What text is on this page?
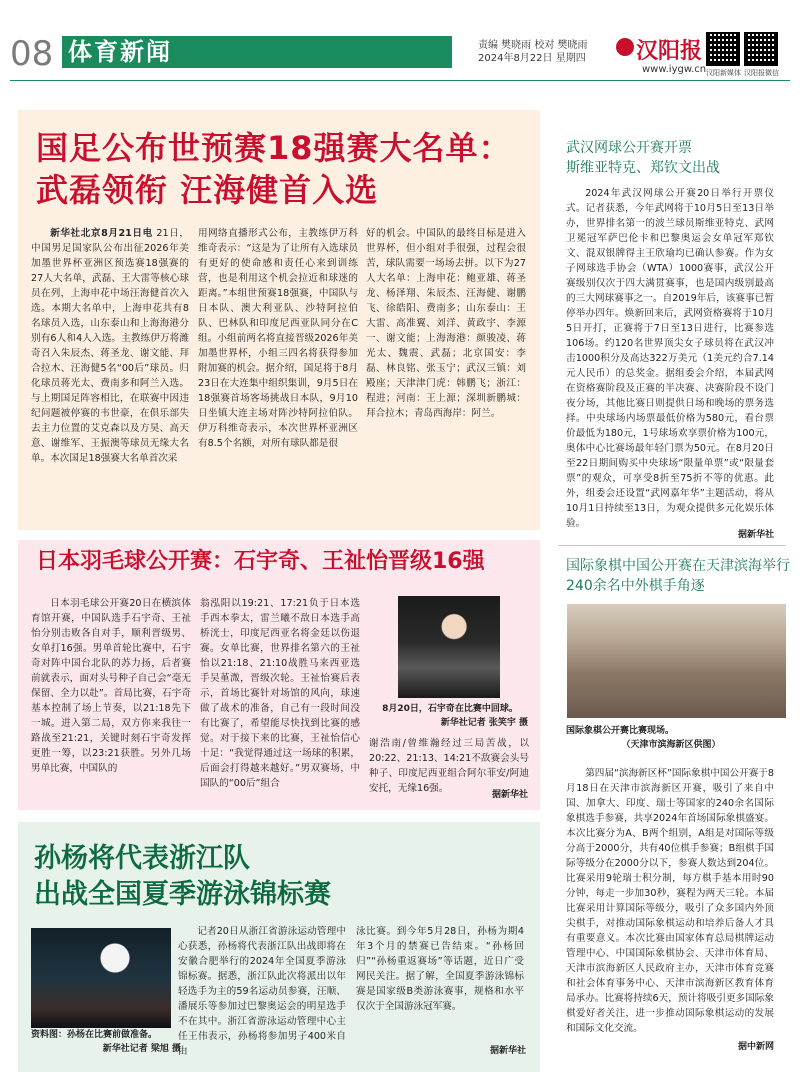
08 体育新闻	责编 樊晓雨 校对 樊晓雨
2024年8月22日 星期四 汉阳报
www.iygw.cn 汉阳新媒体 汉阳报微信
国足公布世预赛18强赛大名单：
武磊领衔 汪海健首入选

新华社北京8月21日电 21日，中国男足国家队公布出征2026年美加墨世界杯亚洲区预选赛18强赛的27人大名单，武磊、王大雷等核心球员在列，上海申花中场汪海健首次入选。本期大名单中，上海申花共有8名球员入选，山东泰山和上海海港分别有6人和4人入选。主教练伊万将潍奇召入朱辰杰、蒋圣龙、谢文能、拜合拉木、汪海健5名“00后”球员。归化球员蒋光太、费南多和阿兰入选。与上期国足阵容相比，在联赛中因违纪问题被停赛的韦世豪，在俱乐部失去主力位置的艾克森以及方昊、高天意、谢维军、王振澳等球员无缘大名单。本次国足18强赛大名单首次采

用网络直播形式公布，主教练伊万科维奇表示：“这是为了让所有入选球员有更好的使命感和责任心来到训练营，也是利用这个机会拉近和球迷的距离。”本组世预赛18强赛，中国队与日本队、澳大利亚队、沙特阿拉伯队、巴林队和印度尼西亚队同分在C组。小组前两名将直接晋级2026年美加墨世界杯，小组三四名将获得参加附加赛的机会。据介绍，国足将于8月23日在大连集中组织集训，9月5日在18强赛首场客场挑战日本队，9月10日坐镇大连主场对阵沙特阿拉伯队。伊万科维奇表示，本次世界杯亚洲区有8.5个名额，对所有球队都是很

好的机会。中国队的最终目标是进入世界杯，但小组对手很强，过程会很苦，球队需要一场场去拼。以下为27人大名单：上海申花：鲍亚雄、蒋圣龙、杨泽翔、朱辰杰、汪海健、谢鹏飞、徐皓阳、费南多；山东泰山：王大雷、高准翼、刘洋、黄政宇、李源一、谢文能；上海海港：颜骏凌、蒋光太、魏震、武磊；北京国安：李磊、林良铭、张玉宁；武汉三镇：刘殿座；天津津门虎：韩鹏飞；浙江：程进；河南：王上源；深圳新鹏城：拜合拉木；青岛西海岸：阿兰。

日本羽毛球公开赛：石宇奇、王祉怡晋级16强

日本羽毛球公开赛20日在横滨体育馆开赛，中国队选手石宇奇、王祉怡分别击败各自对手，顺利晋级男、女单打16强。男单首轮比赛中，石宇奇对阵中国台北队的苏力扬，后者赛前就表示，面对头号种子自己会“毫无保留、全力以赴”。首局比赛，石宇奇基本控制了场上节奏，以21:18先下一城。进入第二局，双方你来我往一路战至21:21，关键时刻石宇奇发挥更胜一筹，以23:21获胜。另外几场男单比赛，中国队的

翁泓阳以19:21、17:21负于日本选手西本拳太，雷兰曦不敌日本选手高桥洸士，印度尼西亚名将金廷以伤退赛。女单比赛，世界排名第六的王祉怡以21:18、21:10战胜马来西亚选手吴堇溦，晋级次轮。王祉怡赛后表示，首场比赛针对场馆的风向，球速做了战术的准备，自己有一段时间没有比赛了，希望能尽快找到比赛的感觉。对于接下来的比赛，王祉怡信心十足：“我觉得通过这一场球的积累，后面会打得越来越好。”男双赛场，中国队的“00后”组合

8月20日，石宇奇在比赛中回球。
新华社记者 张笑宇 摄

谢浩南/曾维瀚经过三局苦战，以20:22、21:13、14:21不敌赛会头号种子、印度尼西亚组合阿尔菲安/阿迪安托，无缘16强。

据新华社
孙杨将代表浙江队
出战全国夏季游泳锦标赛
资料图：孙杨在比赛前做准备。
新华社记者 梁旭 摄

记者20日从浙江省游泳运动管理中心获悉，孙杨将代表浙江队出战即将在安徽合肥举行的2024年全国夏季游泳锦标赛。据悉，浙江队此次将派出以年轻选手为主的59名运动员参赛，汪顺、潘展乐等参加过巴黎奥运会的明星选手不在其中。浙江省游泳运动管理中心主任王伟表示，孙杨将参加男子400米自由

泳比赛。到今年5月28日，孙杨为期4年3个月的禁赛已告结束。“孙杨回归”“孙杨重返赛场”等话题，近日广受网民关注。据了解，全国夏季游泳锦标赛是国家级B类游泳赛事，规格和水平仅次于全国游泳冠军赛。

据新华社
武汉网球公开赛开票
斯维亚特克、郑钦文出战

2024年武汉网球公开赛20日举行开票仪式。记者获悉，今年武网将于10月5日至13日举办，世界排名第一的波兰球员斯维亚特克、武网卫冕冠军萨巴伦卡和巴黎奥运会女单冠军郑钦文、混双银牌得主王欣瑜均已确认参赛。作为女子网球选手协会（WTA）1000赛事，武汉公开赛级别仅次于四大满贯赛事，也是国内级别最高的三大网球赛事之一。自2019年后，该赛事已暂停举办四年。焕新回来后，武网资格赛将于10月5日开打，正赛将于7日至13日进行，比赛参选106场。约120名世界顶尖女子球员将在武汉冲击1000积分及高达322万美元（1美元约合7.14元人民币）的总奖金。据组委会介绍，本届武网在资格赛阶段及正赛的半决赛、决赛阶段不设门夜分场，其他比赛日则提供日场和晚场的票务选择。中央球场内场票最低价格为580元，看台票价最低为180元，1号球场欢享票价格为100元，奥体中心比赛场最年轻门票为50元。在8月20日至22日期间购买中央球场“限量单票”或“限量套票”的观众，可享受8折至75折不等的优惠。此外，组委会还设置“武网嘉年华”主题活动，将从10月1日持续至13日，为观众提供多元化娱乐体验。

据新华社
国际象棋中国公开赛在天津滨海举行
240余名中外棋手角逐
国际象棋公开赛比赛现场。
（天津市滨海新区供图）

第四届“滨海新区杯”国际象棋中国公开赛于8月18日在天津市滨海新区开赛，吸引了来自中国、加拿大、印度、瑞士等国家的240余名国际象棋选手参赛，共享2024年首场国际象棋盛宴。本次比赛分为A、B两个组别，A组是对国际等级分高于2000分，共有40位棋手参赛；B组棋手国际等级分在2000分以下，参赛人数达到204位。比赛采用9轮瑞士积分制，每方棋手基本用时90分钟，每走一步加30秒，赛程为两天三轮。本届比赛采用计算国际等级分，吸引了众多国内外顶尖棋手，对推动国际象棋运动和培养后备人才具有重要意义。本次比赛由国家体育总局棋牌运动管理中心、中国国际象棋协会、天津市体育局、天津市滨海新区人民政府主办，天津市体育竞赛和社会体育事务中心、天津市滨海新区教育体育局承办。比赛将持续6天，预计将吸引更多国际象棋爱好者关注，进一步推动国际象棋运动的发展和国际文化交流。

据中新网
